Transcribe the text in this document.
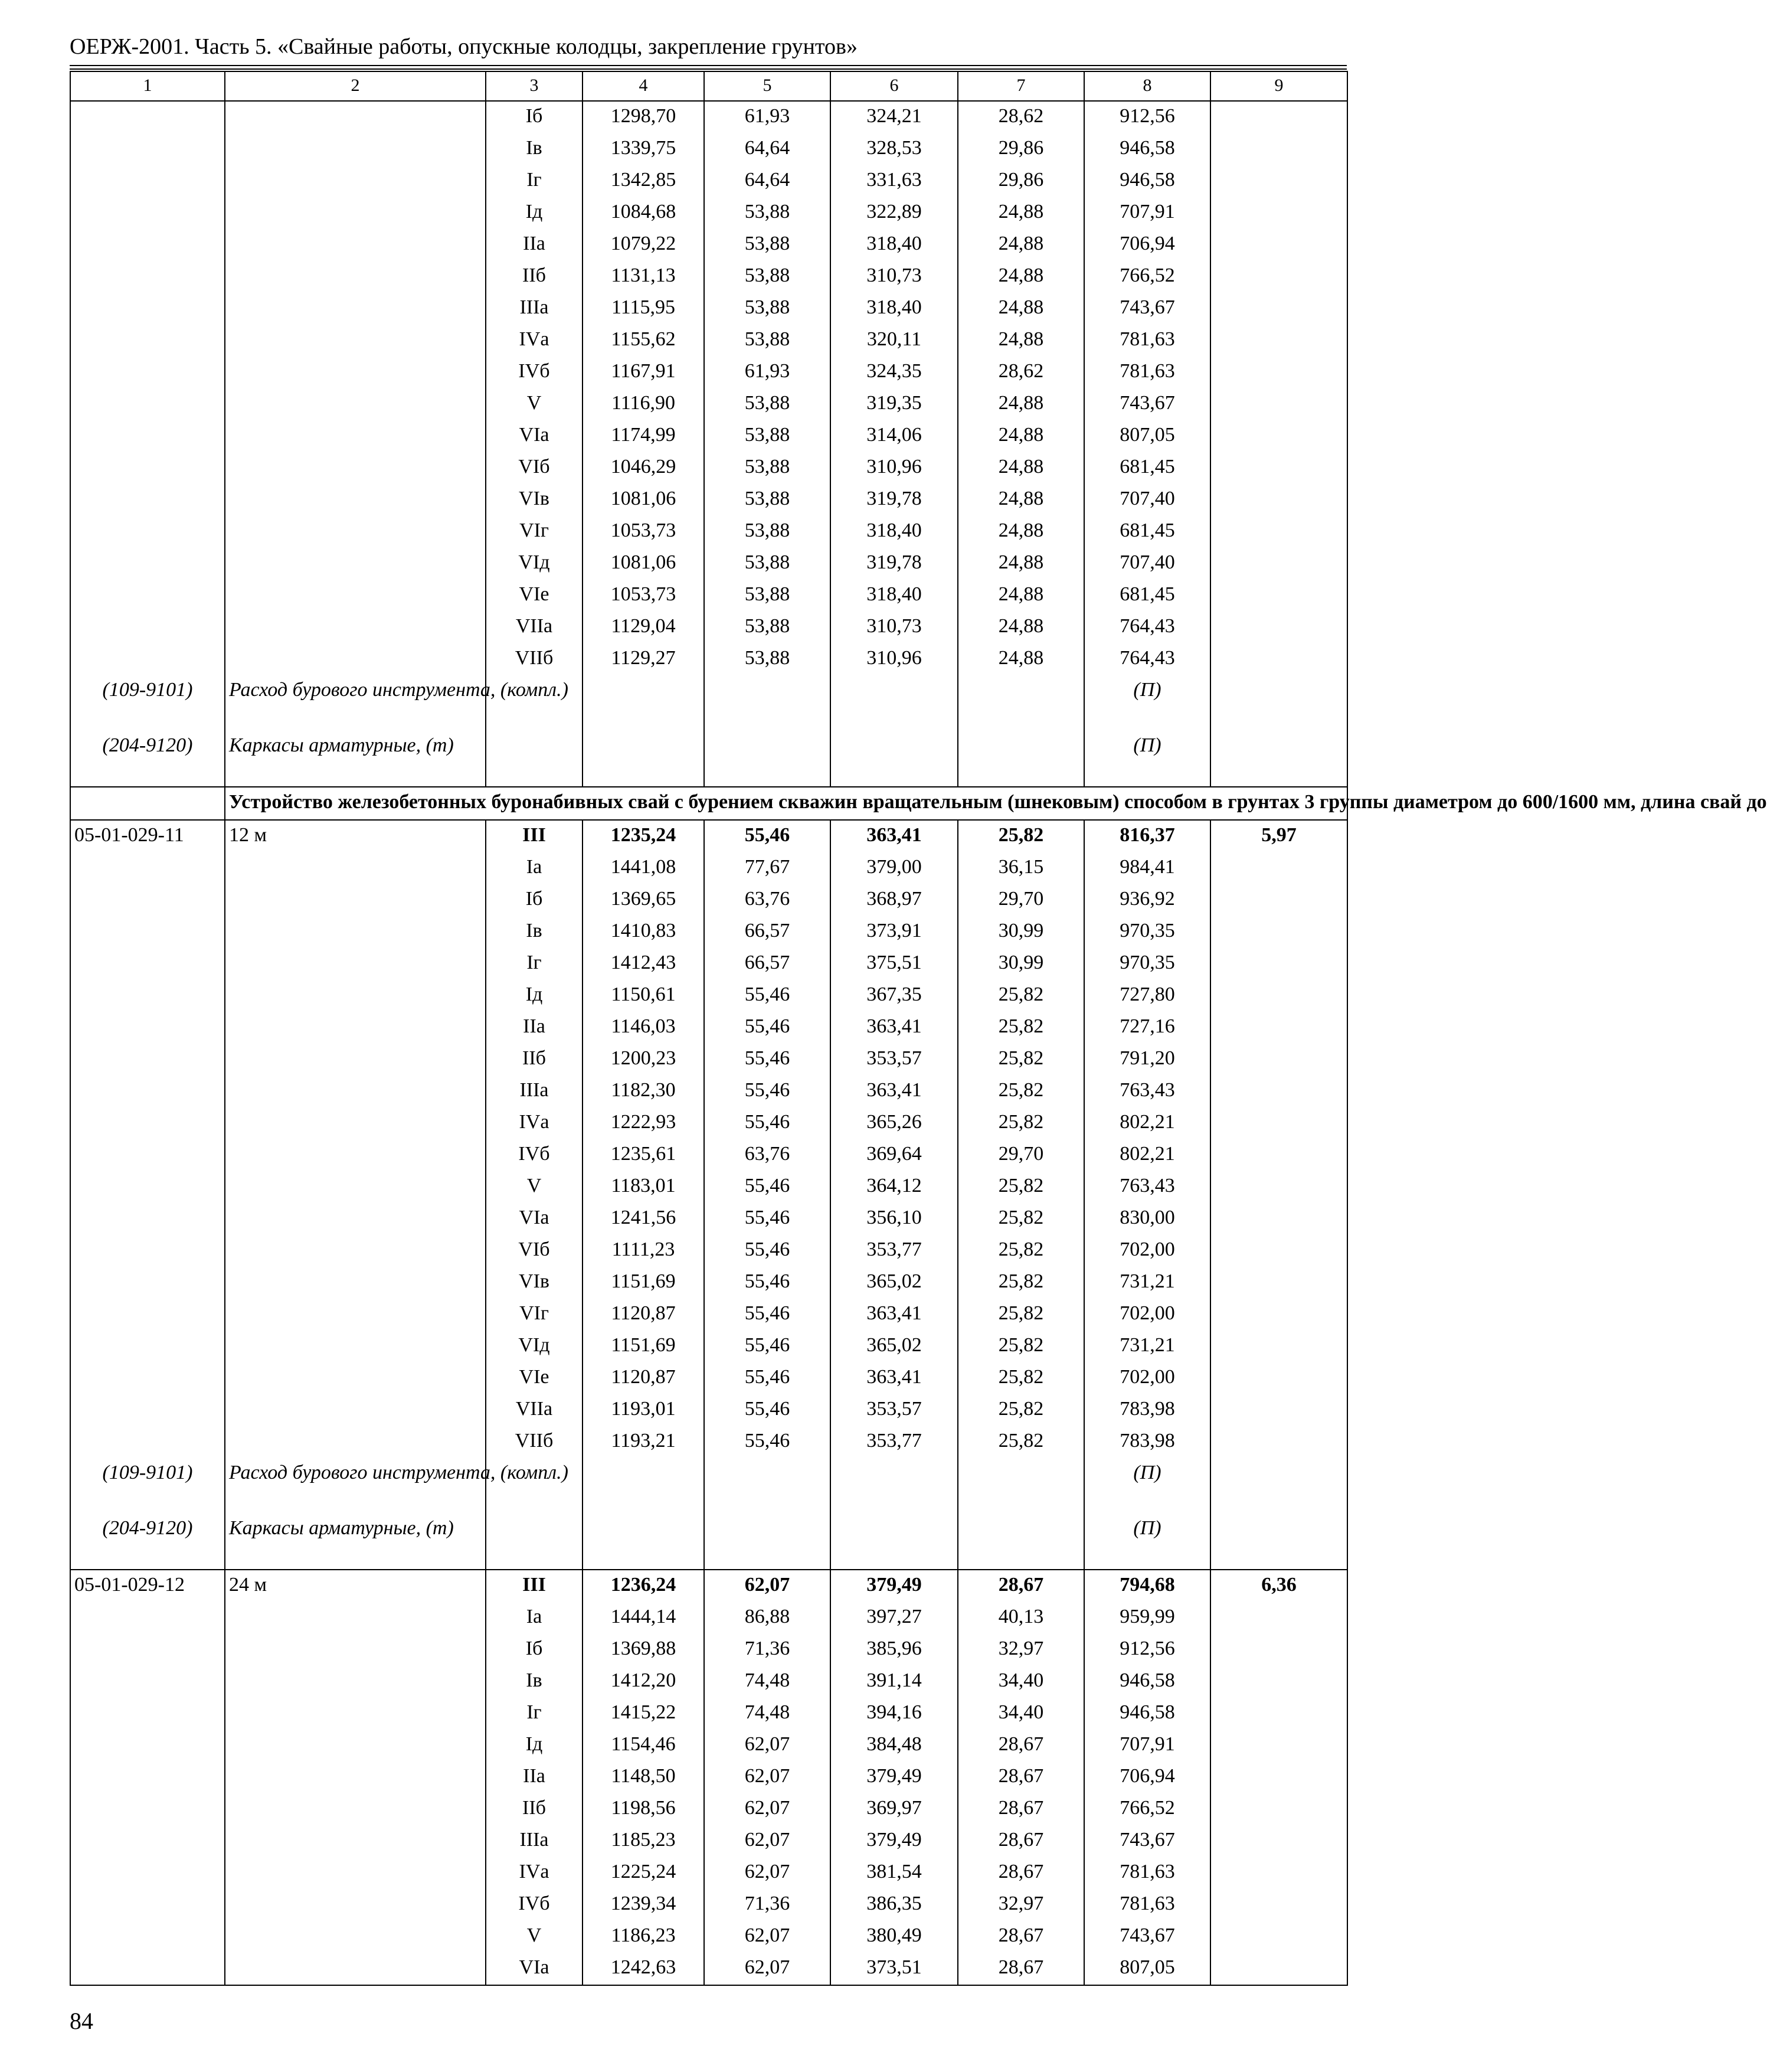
ОЕРЖ-2001. Часть 5. «Свайные работы, опускные колодцы, закрепление грунтов»
1	2	3	4	5	6	7	8	9
		Iб	1298,70	61,93	324,21	28,62	912,56	
		Iв	1339,75	64,64	328,53	29,86	946,58	
		Iг	1342,85	64,64	331,63	29,86	946,58	
		Iд	1084,68	53,88	322,89	24,88	707,91	
		IIа	1079,22	53,88	318,40	24,88	706,94	
		IIб	1131,13	53,88	310,73	24,88	766,52	
		IIIа	1115,95	53,88	318,40	24,88	743,67	
		IVа	1155,62	53,88	320,11	24,88	781,63	
		IVб	1167,91	61,93	324,35	28,62	781,63	
		V	1116,90	53,88	319,35	24,88	743,67	
		VIа	1174,99	53,88	314,06	24,88	807,05	
		VIб	1046,29	53,88	310,96	24,88	681,45	
		VIв	1081,06	53,88	319,78	24,88	707,40	
		VIг	1053,73	53,88	318,40	24,88	681,45	
		VIд	1081,06	53,88	319,78	24,88	707,40	
		VIе	1053,73	53,88	318,40	24,88	681,45	
		VIIа	1129,04	53,88	310,73	24,88	764,43	
		VIIб	1129,27	53,88	310,96	24,88	764,43	
(109-9101)	Расход бурового инструмента, (компл.)						(П)	
(204-9120)	Каркасы арматурные, (т)						(П)	
	Устройство железобетонных буронабивных свай с бурением скважин вращательным (шнековым) способом в грунтах 3 группы диаметром до 600/1600 мм, длина свай до							
05-01-029-11	12 м	III	1235,24	55,46	363,41	25,82	816,37	5,97
		Iа	1441,08	77,67	379,00	36,15	984,41	
		Iб	1369,65	63,76	368,97	29,70	936,92	
		Iв	1410,83	66,57	373,91	30,99	970,35	
		Iг	1412,43	66,57	375,51	30,99	970,35	
		Iд	1150,61	55,46	367,35	25,82	727,80	
		IIа	1146,03	55,46	363,41	25,82	727,16	
		IIб	1200,23	55,46	353,57	25,82	791,20	
		IIIа	1182,30	55,46	363,41	25,82	763,43	
		IVа	1222,93	55,46	365,26	25,82	802,21	
		IVб	1235,61	63,76	369,64	29,70	802,21	
		V	1183,01	55,46	364,12	25,82	763,43	
		VIа	1241,56	55,46	356,10	25,82	830,00	
		VIб	1111,23	55,46	353,77	25,82	702,00	
		VIв	1151,69	55,46	365,02	25,82	731,21	
		VIг	1120,87	55,46	363,41	25,82	702,00	
		VIд	1151,69	55,46	365,02	25,82	731,21	
		VIе	1120,87	55,46	363,41	25,82	702,00	
		VIIа	1193,01	55,46	353,57	25,82	783,98	
		VIIб	1193,21	55,46	353,77	25,82	783,98	
(109-9101)	Расход бурового инструмента, (компл.)						(П)	
(204-9120)	Каркасы арматурные, (т)						(П)	
05-01-029-12	24 м	III	1236,24	62,07	379,49	28,67	794,68	6,36
		Iа	1444,14	86,88	397,27	40,13	959,99	
		Iб	1369,88	71,36	385,96	32,97	912,56	
		Iв	1412,20	74,48	391,14	34,40	946,58	
		Iг	1415,22	74,48	394,16	34,40	946,58	
		Iд	1154,46	62,07	384,48	28,67	707,91	
		IIа	1148,50	62,07	379,49	28,67	706,94	
		IIб	1198,56	62,07	369,97	28,67	766,52	
		IIIа	1185,23	62,07	379,49	28,67	743,67	
		IVа	1225,24	62,07	381,54	28,67	781,63	
		IVб	1239,34	71,36	386,35	32,97	781,63	
		V	1186,23	62,07	380,49	28,67	743,67	
		VIа	1242,63	62,07	373,51	28,67	807,05	
84
